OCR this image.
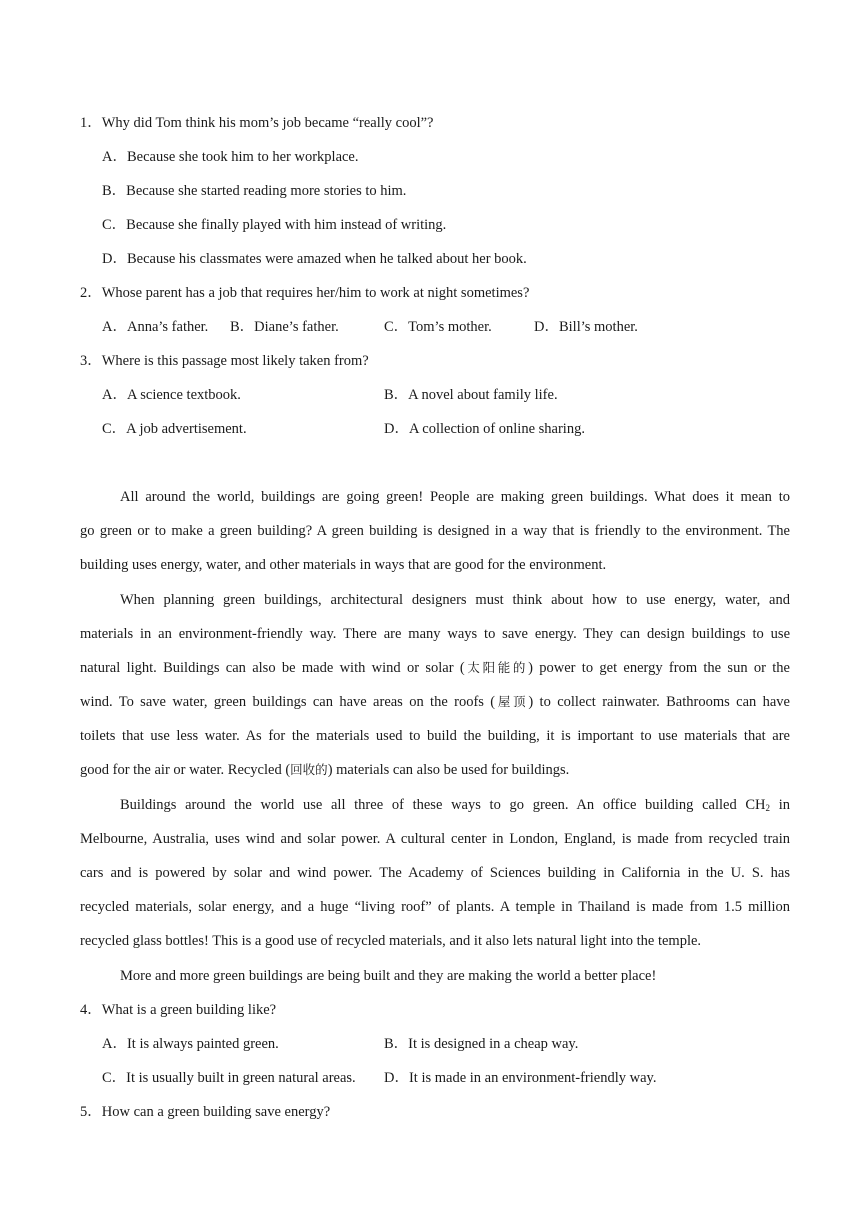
1．Why did Tom think his mom’s job became “really cool”?
A．Because she took him to her workplace.
B．Because she started reading more stories to him.
C．Because she finally played with him instead of writing.
D．Because his classmates were amazed when he talked about her book.
2．Whose parent has a job that requires her/him to work at night sometimes?
A．Anna’s father. B．Diane’s father.	C．Tom’s mother.	D．Bill’s mother.
3．Where is this passage most likely taken from?
A．A science textbook.	B．A novel about family life.
C．A job advertisement.	D．A collection of online sharing.
All around the world, buildings are going green! People are making green buildings. What does it mean to
go green or to make a green building? A green building is designed in a way that is friendly to the environment. The
building uses energy, water, and other materials in ways that are good for the environment.
When planning green buildings, architectural designers must think about how to use energy, water, and
materials in an environment-friendly way. There are many ways to save energy. They can design buildings to use
natural light. Buildings can also be made with wind or solar (太阳能的) power to get energy from the sun or the
wind. To save water, green buildings can have areas on the roofs (屋顶) to collect rainwater. Bathrooms can have
toilets that use less water. As for the materials used to build the building, it is important to use materials that are
good for the air or water. Recycled (回收的) materials can also be used for buildings.
Buildings around the world use all three of these ways to go green. An office building called $CH_2$ in
Melbourne, Australia, uses wind and solar power. A cultural center in London, England, is made from recycled train
cars and is powered by solar and wind power. The Academy of Sciences building in California in the U. S. has
recycled materials, solar energy, and a huge “living roof” of plants. A temple in Thailand is made from 1.5 million
recycled glass bottles! This is a good use of recycled materials, and it also lets natural light into the temple.
More and more green buildings are being built and they are making the world a better place!
4．What is a green building like?
A．It is always painted green.	B．It is designed in a cheap way.
C．It is usually built in green natural areas. D．It is made in an environment-friendly way.
5．How can a green building save energy?
